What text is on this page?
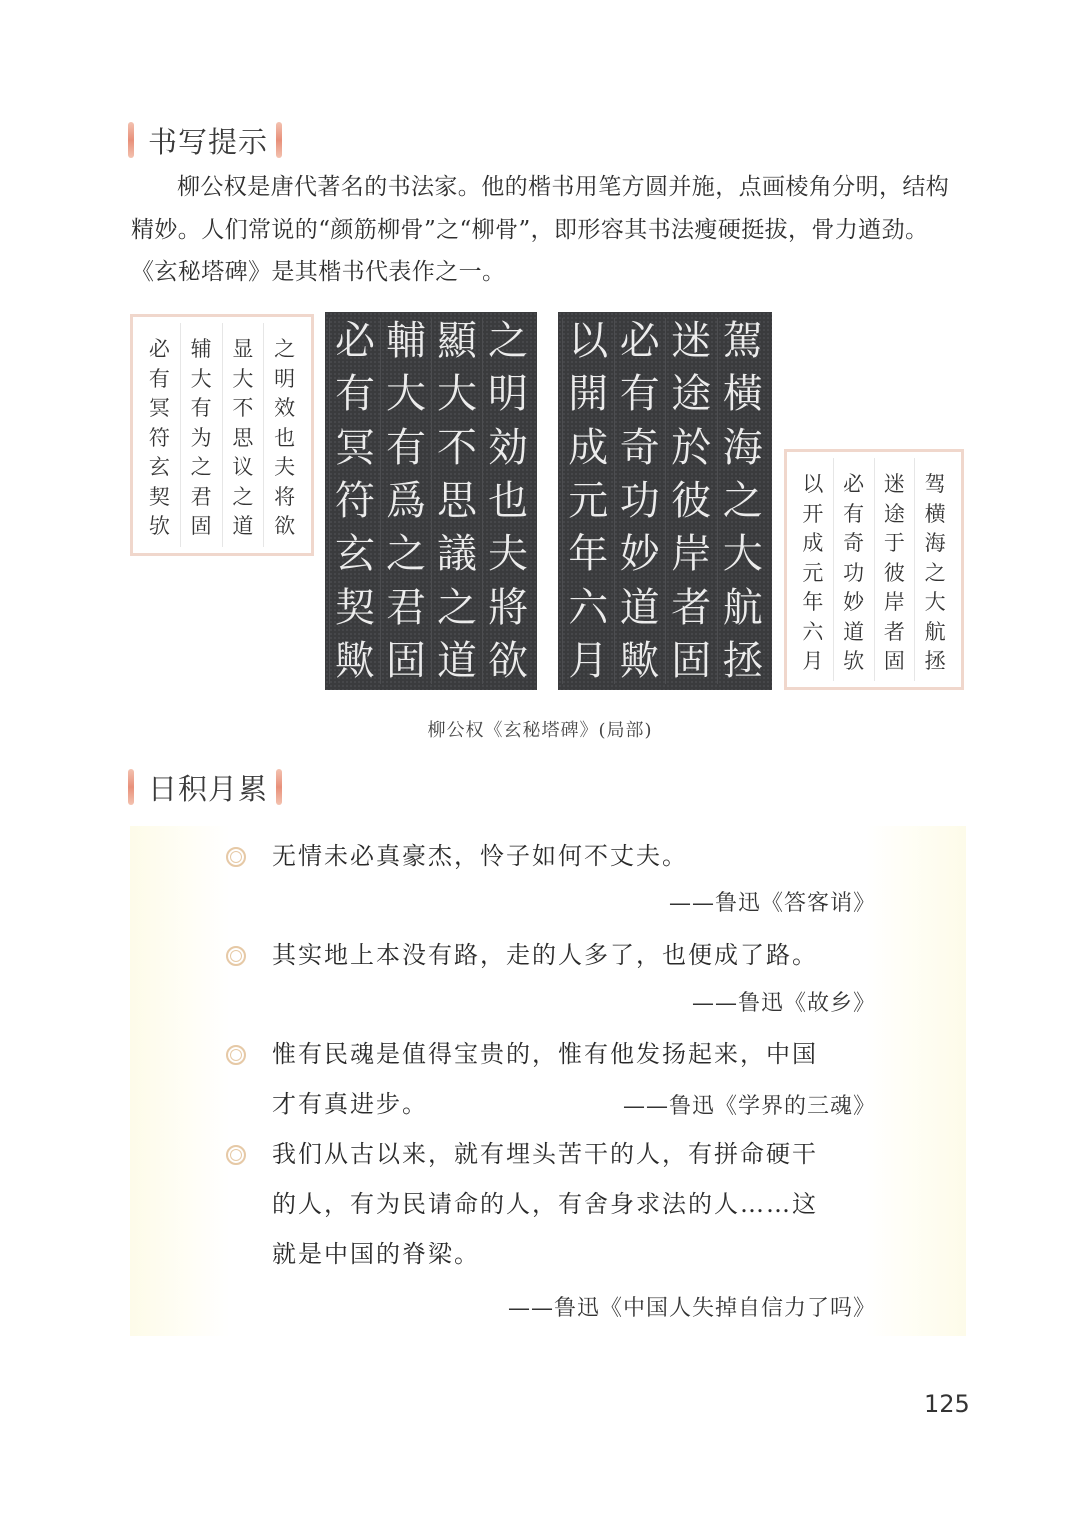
书写提示
柳公权是唐代著名的书法家。他的楷书用笔方圆并施，点画棱角分明，结构精妙。人们常说的“颜筋柳骨”之“柳骨”，即形容其书法瘦硬挺拔，骨力遒劲。《玄秘塔碑》是其楷书代表作之一。
之
明
效
也
夫
将
欲
显
大
不
思
议
之
道
辅
大
有
为
之
君
固
必
有
冥
符
玄
契
欤
之
明
効
也
夫
將
欲
顯
大
不
思
議
之
道
輔
大
有
爲
之
君
固
必
有
冥
符
玄
契
歟
駕
橫
海
之
大
航
拯
迷
途
於
彼
岸
者
固
必
有
奇
功
妙
道
歟
以
開
成
元
年
六
月
驾
横
海
之
大
航
拯
迷
途
于
彼
岸
者
固
必
有
奇
功
妙
道
欤
以
开
成
元
年
六
月
柳公权《玄秘塔碑》(局部)
日积月累
无情未必真豪杰，怜子如何不丈夫。
——鲁迅《答客诮》
其实地上本没有路，走的人多了，也便成了路。
——鲁迅《故乡》
惟有民魂是值得宝贵的，惟有他发扬起来，中国
才有真进步。	——鲁迅《学界的三魂》
我们从古以来，就有埋头苦干的人，有拼命硬干的人，有为民请命的人，有舍身求法的人……这就是中国的脊梁。
——鲁迅《中国人失掉自信力了吗》
125
